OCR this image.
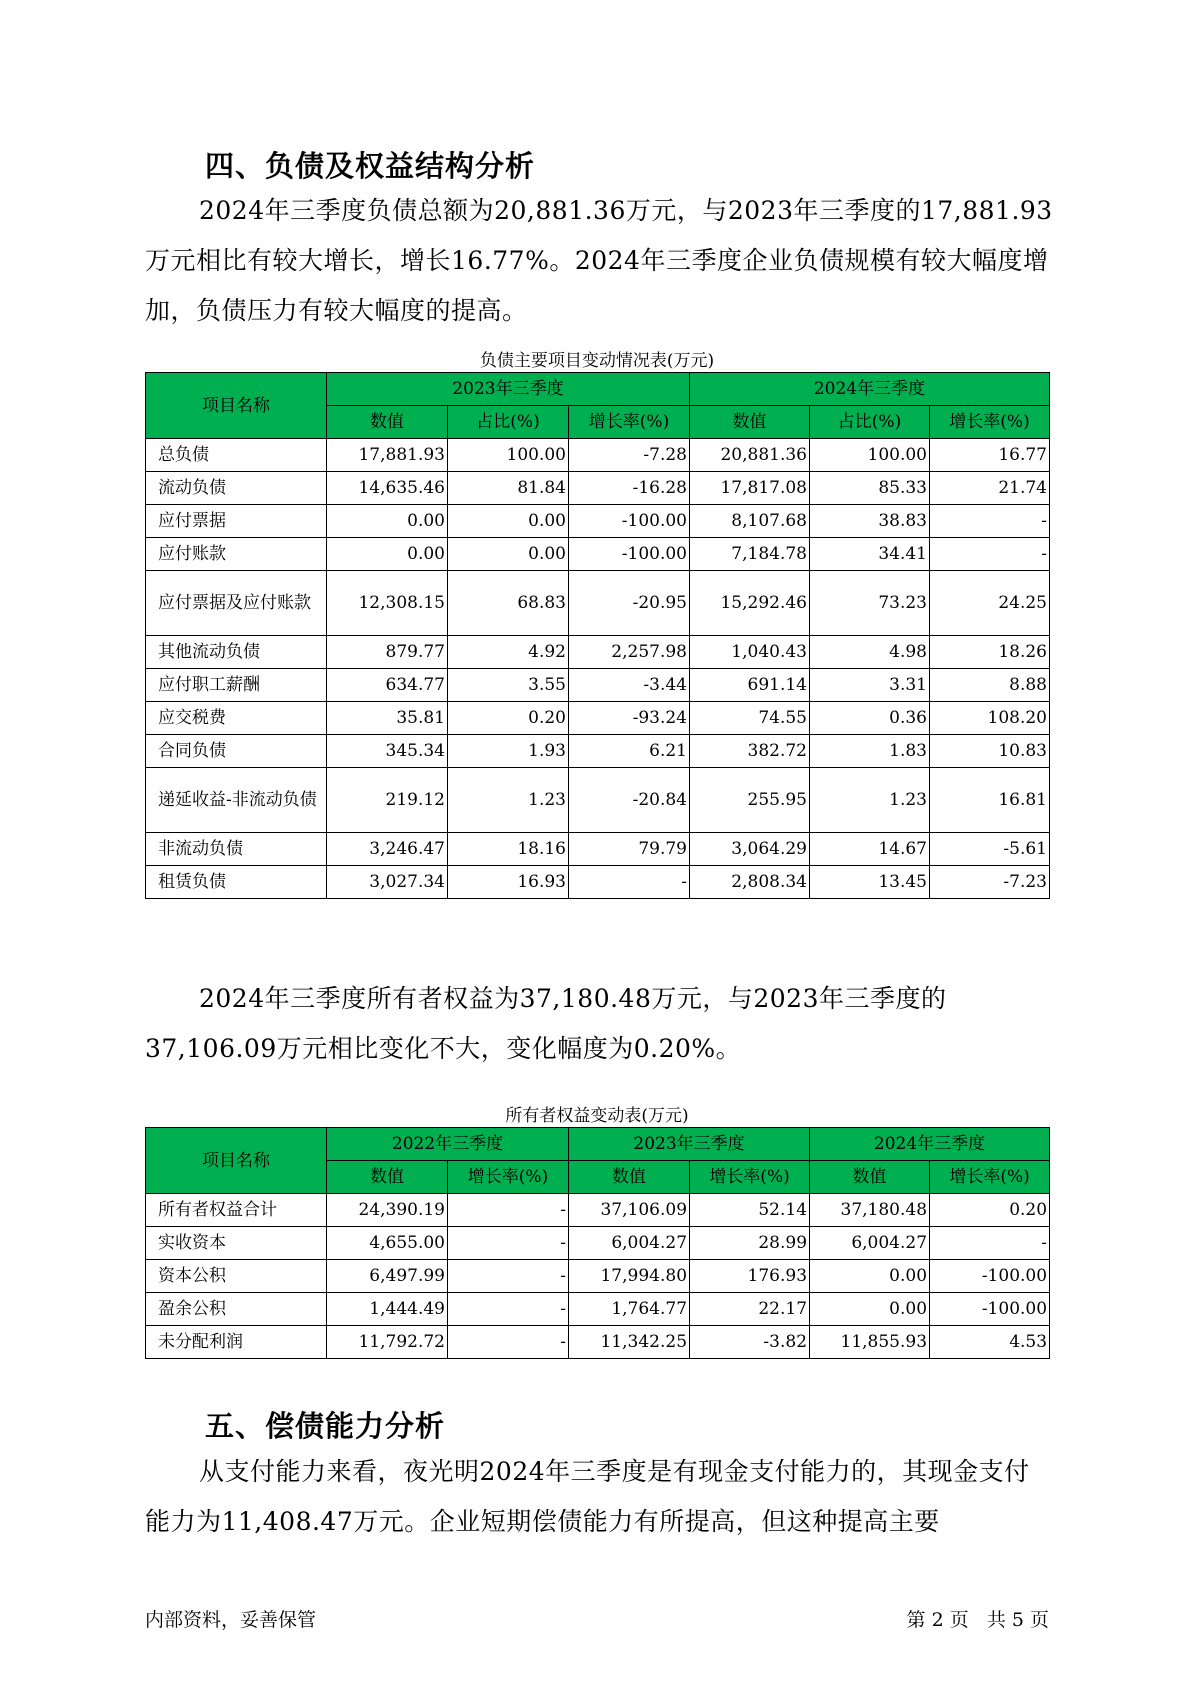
四、负债及权益结构分析

2024年三季度负债总额为20,881.36万元，与2023年三季度的17,881.93万元相比有较大增长，增长16.77%。2024年三季度企业负债规模有较大幅度增加，负债压力有较大幅度的提高。

负债主要项目变动情况表(万元)

项目名称	2023年三季度			2024年三季度		
	数值	占比(%)	增长率(%)	数值	占比(%)	增长率(%)
总负债	17,881.93	100.00	-7.28	20,881.36	100.00	16.77
流动负债	14,635.46	81.84	-16.28	17,817.08	85.33	21.74
应付票据	0.00	0.00	-100.00	8,107.68	38.83	-
应付账款	0.00	0.00	-100.00	7,184.78	34.41	-
应付票据及应付账款	12,308.15	68.83	-20.95	15,292.46	73.23	24.25
其他流动负债	879.77	4.92	2,257.98	1,040.43	4.98	18.26
应付职工薪酬	634.77	3.55	-3.44	691.14	3.31	8.88
应交税费	35.81	0.20	-93.24	74.55	0.36	108.20
合同负债	345.34	1.93	6.21	382.72	1.83	10.83
递延收益-非流动负债	219.12	1.23	-20.84	255.95	1.23	16.81
非流动负债	3,246.47	18.16	79.79	3,064.29	14.67	-5.61
租赁负债	3,027.34	16.93	-	2,808.34	13.45	-7.23

2024年三季度所有者权益为37,180.48万元，与2023年三季度的37,106.09万元相比变化不大，变化幅度为0.20%。

所有者权益变动表(万元)

项目名称	2022年三季度		2023年三季度		2024年三季度	
	数值	增长率(%)	数值	增长率(%)	数值	增长率(%)
所有者权益合计	24,390.19	-	37,106.09	52.14	37,180.48	0.20
实收资本	4,655.00	-	6,004.27	28.99	6,004.27	-
资本公积	6,497.99	-	17,994.80	176.93	0.00	-100.00
盈余公积	1,444.49	-	1,764.77	22.17	0.00	-100.00
未分配利润	11,792.72	-	11,342.25	-3.82	11,855.93	4.53
五、偿债能力分析

从支付能力来看，夜光明2024年三季度是有现金支付能力的，其现金支付能力为11,408.47万元。企业短期偿债能力有所提高，但这种提高主要

内部资料，妥善保管	第 2 页   共 5 页
